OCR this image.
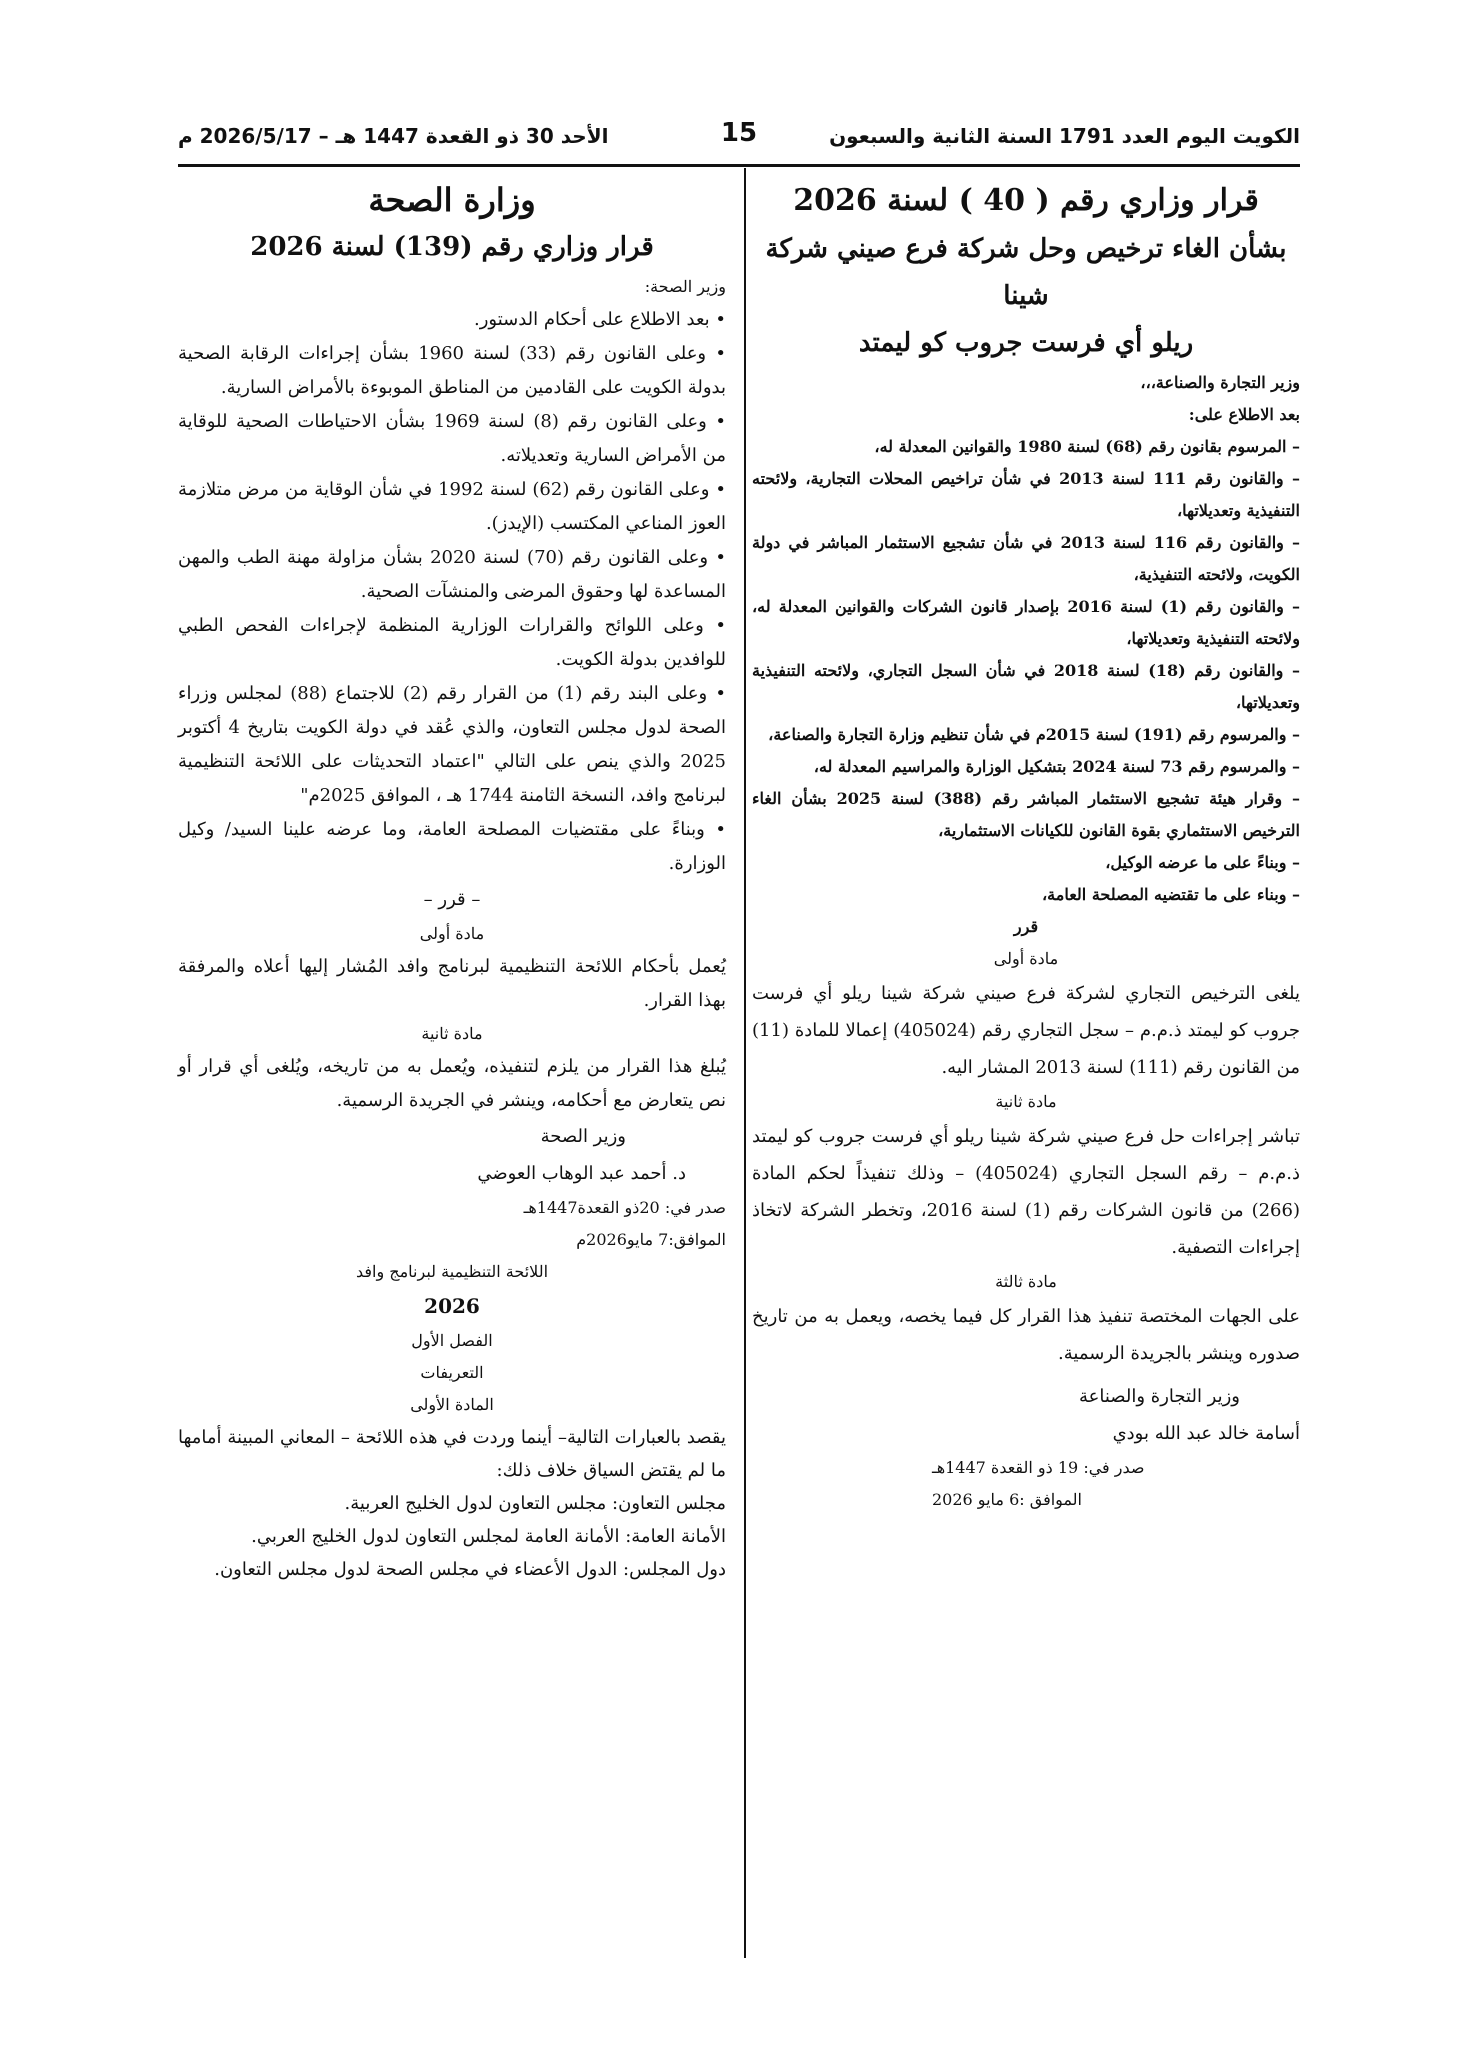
الكويت اليوم العدد 1791 السنة الثانية والسبعون
15
الأحد 30 ذو القعدة 1447 هـ – 2026/5/17 م

قرار وزاري رقم ( 40 ) لسنة 2026

بشأن الغاء ترخيص وحل شركة فرع صيني شركة شينا

ريلو أي فرست جروب كو ليمتد

وزير التجارة والصناعة،،،

بعد الاطلاع على:

– المرسوم بقانون رقم (68) لسنة 1980 والقوانين المعدلة له،

– والقانون رقم 111 لسنة 2013 في شأن تراخيص المحلات التجارية، ولائحته التنفيذية وتعديلاتها،

– والقانون رقم 116 لسنة 2013 في شأن تشجيع الاستثمار المباشر في دولة الكويت، ولائحته التنفيذية،

– والقانون رقم (1) لسنة 2016 بإصدار قانون الشركات والقوانين المعدلة له، ولائحته التنفيذية وتعديلاتها،

– والقانون رقم (18) لسنة 2018 في شأن السجل التجاري، ولائحته التنفيذية وتعديلاتها،

– والمرسوم رقم (191) لسنة 2015م في شأن تنظيم وزارة التجارة والصناعة،

– والمرسوم رقم 73 لسنة 2024 بتشكيل الوزارة والمراسيم المعدلة له،

– وقرار هيئة تشجيع الاستثمار المباشر رقم (388) لسنة 2025 بشأن الغاء الترخيص الاستثماري بقوة القانون للكيانات الاستثمارية،

– وبناءً على ما عرضه الوكيل،

– وبناء على ما تقتضيه المصلحة العامة،

قرر

مادة أولى

يلغى الترخيص التجاري لشركة فرع صيني شركة شينا ريلو أي فرست جروب كو ليمتد ذ.م.م – سجل التجاري رقم (405024) إعمالا للمادة (11) من القانون رقم (111) لسنة 2013 المشار اليه.

مادة ثانية

تباشر إجراءات حل فرع صيني شركة شينا ريلو أي فرست جروب كو ليمتد ذ.م.م – رقم السجل التجاري (405024) – وذلك تنفيذاً لحكم المادة (266) من قانون الشركات رقم (1) لسنة 2016، وتخطر الشركة لاتخاذ إجراءات التصفية.

مادة ثالثة

على الجهات المختصة تنفيذ هذا القرار كل فيما يخصه، ويعمل به من تاريخ صدوره وينشر بالجريدة الرسمية.

وزير التجارة والصناعة

أسامة خالد عبد الله بودي

صدر في: 19 ذو القعدة 1447هـ

الموافق :6 مايو 2026

وزارة الصحة

قرار وزاري رقم (139) لسنة 2026

وزير الصحة:

• بعد الاطلاع على أحكام الدستور.

• وعلى القانون رقم (33) لسنة 1960 بشأن إجراءات الرقابة الصحية بدولة الكويت على القادمين من المناطق الموبوءة بالأمراض السارية.

• وعلى القانون رقم (8) لسنة 1969 بشأن الاحتياطات الصحية للوقاية من الأمراض السارية وتعديلاته.

• وعلى القانون رقم (62) لسنة 1992 في شأن الوقاية من مرض متلازمة العوز المناعي المكتسب (الإيدز).

• وعلى القانون رقم (70) لسنة 2020 بشأن مزاولة مهنة الطب والمهن المساعدة لها وحقوق المرضى والمنشآت الصحية.

• وعلى اللوائح والقرارات الوزارية المنظمة لإجراءات الفحص الطبي للوافدين بدولة الكويت.

• وعلى البند رقم (1) من القرار رقم (2) للاجتماع (88) لمجلس وزراء الصحة لدول مجلس التعاون، والذي عُقد في دولة الكويت بتاريخ 4 أكتوبر 2025 والذي ينص على التالي "اعتماد التحديثات على اللائحة التنظيمية لبرنامج وافد، النسخة الثامنة 1744 هـ ، الموافق 2025م"

• وبناءً على مقتضيات المصلحة العامة، وما عرضه علينا السيد/ وكيل الوزارة.

– قرر –

مادة أولى

يُعمل بأحكام اللائحة التنظيمية لبرنامج وافد المُشار إليها أعلاه والمرفقة بهذا القرار.

مادة ثانية

يُبلغ هذا القرار من يلزم لتنفيذه، ويُعمل به من تاريخه، ويُلغى أي قرار أو نص يتعارض مع أحكامه، وينشر في الجريدة الرسمية.

وزير الصحة

د. أحمد عبد الوهاب العوضي

صدر في: 20ذو القعدة1447هـ

الموافق:7 مايو2026م

اللائحة التنظيمية لبرنامج وافد

2026

الفصل الأول

التعريفات

المادة الأولى

يقصد بالعبارات التالية– أينما وردت في هذه اللائحة – المعاني المبينة أمامها ما لم يقتض السياق خلاف ذلك:

مجلس التعاون: مجلس التعاون لدول الخليج العربية.

الأمانة العامة: الأمانة العامة لمجلس التعاون لدول الخليج العربي.

دول المجلس: الدول الأعضاء في مجلس الصحة لدول مجلس التعاون.
